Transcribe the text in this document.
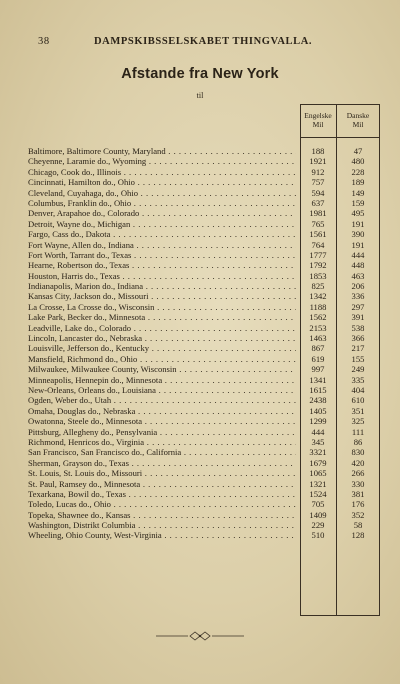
38	DAMPSKIBSSELSKABET THINGVALLA.
Afstande fra New York
til
Engelske
Mil
Danske
Mil
Baltimore, Baltimore County, Maryland . . .	188	47
Cheyenne, Laramie do., Wyoming . . .	1921	480
Chicago, Cook do., Illinois . . .	912	228
Cincinnati, Hamilton do., Ohio . . .	757	189
Cleveland, Cuyahaga, do., Ohio . . .	594	149
Columbus, Franklin do., Ohio . . .	637	159
Denver, Arapahoe do., Colorado . . .	1981	495
Detroit, Wayne do., Michigan . . .	765	191
Fargo, Cass do., Dakota . . .	1561	390
Fort Wayne, Allen do., Indiana . . .	764	191
Fort Worth, Tarrant do., Texas . . .	1777	444
Hearne, Robertson do., Texas . . .	1792	448
Houston, Harris do., Texas . . .	1853	463
Indianapolis, Marion do., Indiana . . .	825	206
Kansas City, Jackson do., Missouri . . .	1342	336
La Crosse, La Crosse do., Wisconsin . . .	1188	297
Lake Park, Becker do., Minnesota . . .	1562	391
Leadville, Lake do., Colorado . . .	2153	538
Lincoln, Lancaster do., Nebraska . . .	1463	366
Louisville, Jefferson do., Kentucky . . .	867	217
Mansfield, Richmond do., Ohio . . .	619	155
Milwaukee, Milwaukee County, Wisconsin . . .	997	249
Minneapolis, Hennepin do., Minnesota . . .	1341	335
New-Orleans, Orleans do., Louisiana . . .	1615	404
Ogden, Weber do., Utah . . .	2438	610
Omaha, Douglas do., Nebraska . . .	1405	351
Owatonna, Steele do., Minnesota . . .	1299	325
Pittsburg, Allegheny do., Pensylvania . . .	444	111
Richmond, Henricos do., Virginia . . .	345	86
San Francisco, San Francisco do., California . . .	3321	830
Sherman, Grayson do., Texas . . .	1679	420
St. Louis, St. Louis do., Missouri . . .	1065	266
St. Paul, Ramsey do., Minnesota . . .	1321	330
Texarkana, Bowil do., Texas . . .	1524	381
Toledo, Lucas do., Ohio . . .	705	176
Topeka, Shawnee do., Kansas . . .	1409	352
Washington, Distrikt Columbia . . .	229	58
Wheeling, Ohio County, West-Virginia . . .	510	128
